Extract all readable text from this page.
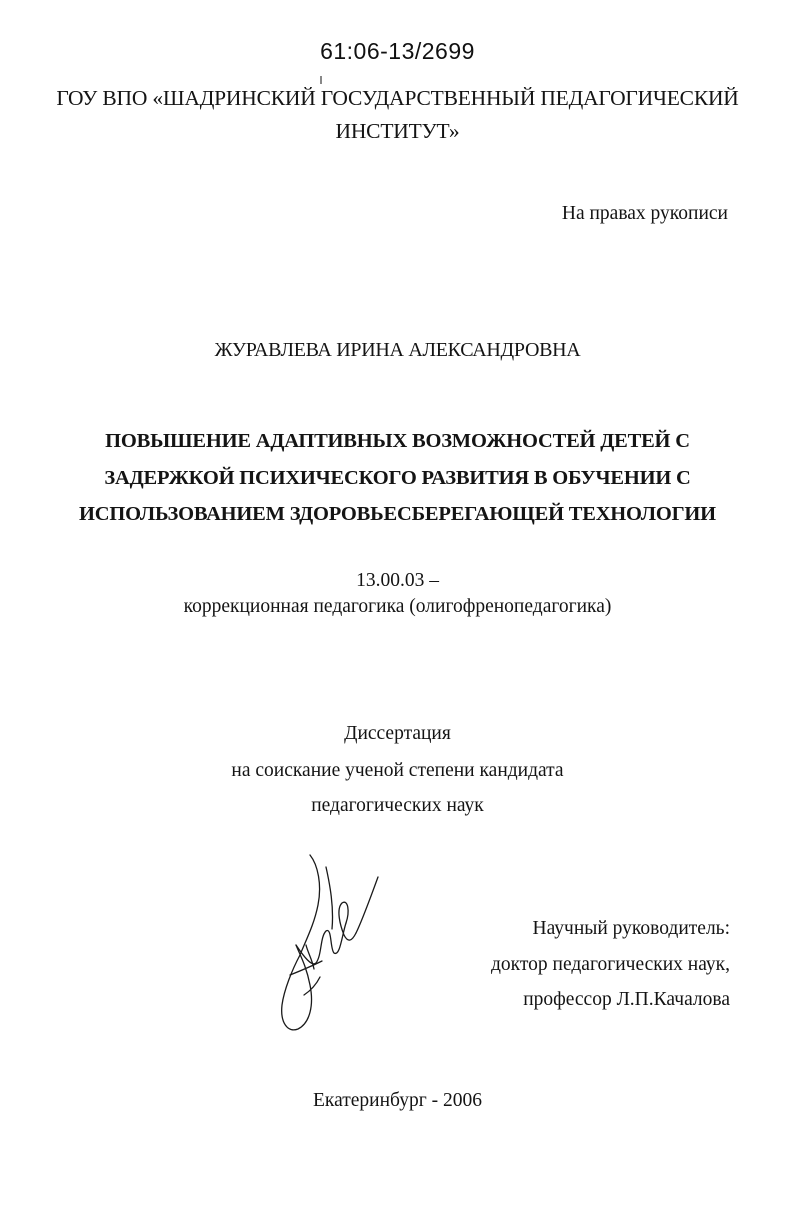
61:06-13/2699
ГОУ ВПО «ШАДРИНСКИЙ ГОСУДАРСТВЕННЫЙ ПЕДАГОГИЧЕСКИЙ
ИНСТИТУТ»
На правах рукописи
ЖУРАВЛЕВА ИРИНА АЛЕКСАНДРОВНА
ПОВЫШЕНИЕ АДАПТИВНЫХ ВОЗМОЖНОСТЕЙ ДЕТЕЙ С
ЗАДЕРЖКОЙ ПСИХИЧЕСКОГО РАЗВИТИЯ В ОБУЧЕНИИ С
ИСПОЛЬЗОВАНИЕМ ЗДОРОВЬЕСБЕРЕГАЮЩЕЙ ТЕХНОЛОГИИ
13.00.03 –
коррекционная педагогика (олигофренопедагогика)
Диссертация
на соискание ученой степени кандидата
педагогических наук
Научный руководитель:
доктор педагогических наук,
профессор Л.П.Качалова
Екатеринбург - 2006
